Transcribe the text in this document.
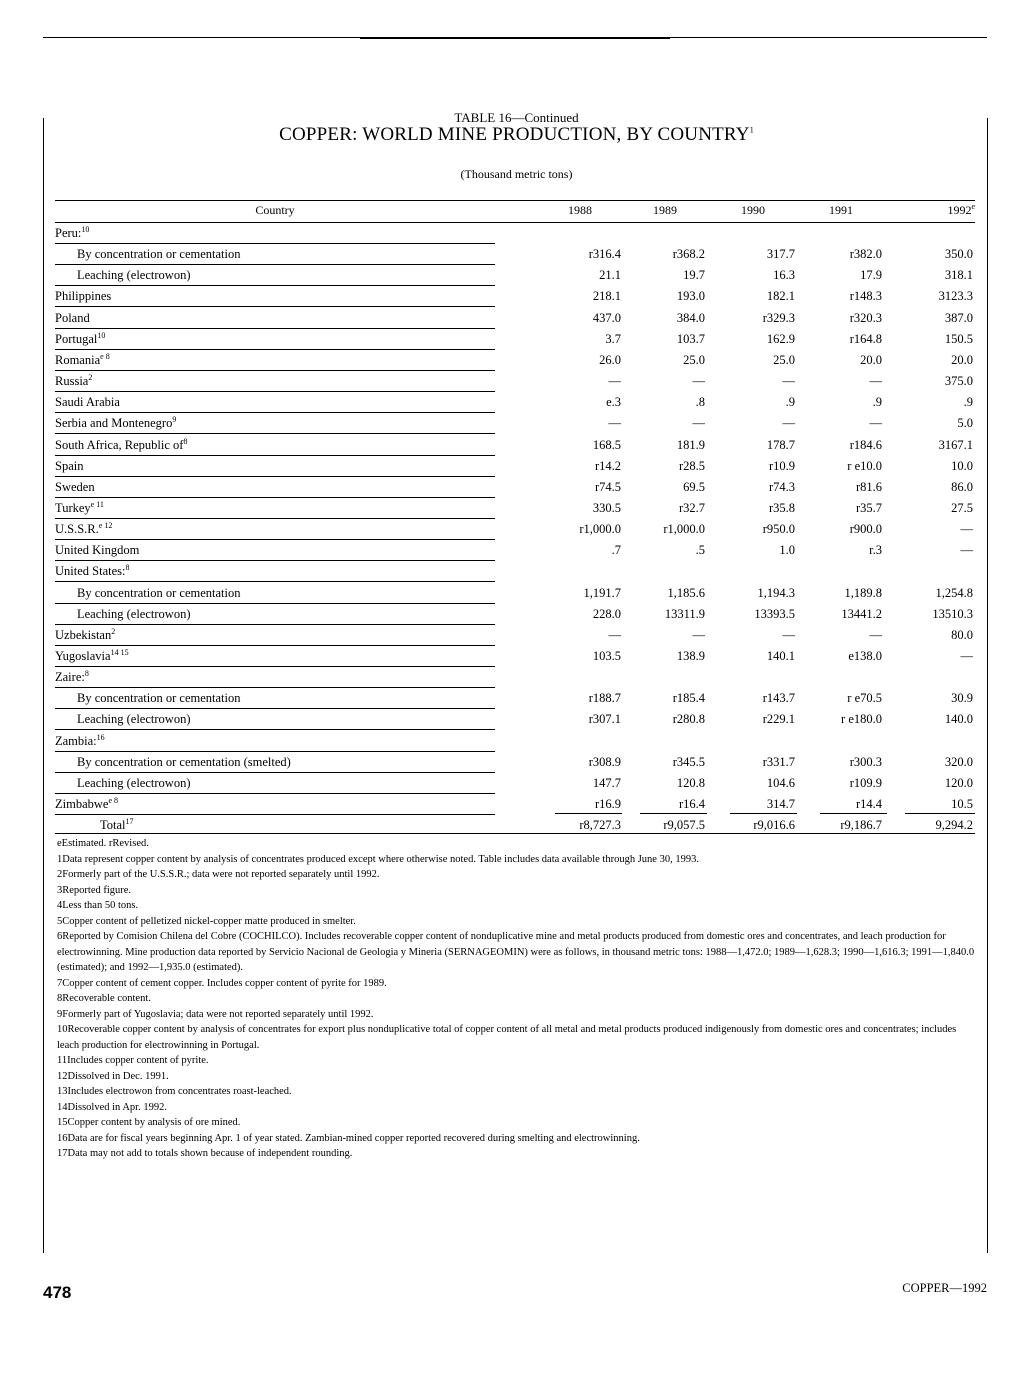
TABLE 16—Continued
COPPER: WORLD MINE PRODUCTION, BY COUNTRY$^1$
(Thousand metric tons)
Country	1988	1989	1990	1991	1992e
Peru:$^{10}$
By concentration or cementation	r316.4	r368.2	317.7	r382.0	350.0
Leaching (electrowon)	21.1	19.7	16.3	17.9	318.1
Philippines	218.1	193.0	182.1	r148.3	3123.3
Poland	437.0	384.0	r329.3	r320.3	387.0
Portugal$^{10}$	3.7	103.7	162.9	r164.8	150.5
Romania$^{e 8}$	26.0	25.0	25.0	20.0	20.0
Russia$^2$	—	—	—	—	375.0
Saudi Arabia	e.3	.8	.9	.9	.9
Serbia and Montenegro$^9$	—	—	—	—	5.0
South Africa, Republic $of^8$	168.5	181.9	178.7	r184.6	3167.1
Spain	r14.2	r28.5	r10.9	r e10.0	10.0
Sweden	r74.5	69.5	r74.3	r81.6	86.0
Turkey$^{e 11}$	330.5	r32.7	r35.8	r35.7	27.5
U.S.S.R.$^{e 12}$	r1,000.0	r1,000.0	r950.0	r900.0	—
United Kingdom	.7	.5	1.0	r.3	—
United States:$^8$
By concentration or cementation	1,191.7	1,185.6	1,194.3	1,189.8	1,254.8
Leaching (electrowon)	228.0	13311.9	13393.5	13441.2	13510.3
Uzbekistan$^2$	—	—	—	—	80.0
Yugoslavia$^{14 15}$	103.5	138.9	140.1	e138.0	—
Zaire:$^8$
By concentration or cementation	r188.7	r185.4	r143.7	r e70.5	30.9
Leaching (electrowon)	r307.1	r280.8	r229.1	r e180.0	140.0
Zambia:$^{16}$
By concentration or cementation (smelted)	r308.9	r345.5	r331.7	r300.3	320.0
Leaching (electrowon)	147.7	120.8	104.6	r109.9	120.0
Zimbabwe$^{e 8}$	r16.9	r16.4	314.7	r14.4	10.5
Total$^{17}$	r8,727.3	r9,057.5	r9,016.6	r9,186.7	9,294.2

eEstimated. rRevised.

1Data represent copper content by analysis of concentrates produced except where otherwise noted. Table includes data available through June 30, 1993.

2Formerly part of the U.S.S.R.; data were not reported separately until 1992.

3Reported figure.

4Less than 50 tons.

5Copper content of pelletized nickel-copper matte produced in smelter.

6Reported by Comision Chilena del Cobre (COCHILCO). Includes recoverable copper content of nonduplicative mine and metal products produced from domestic ores and concentrates, and leach production for electrowinning. Mine production data reported by Servicio Nacional de Geologia y Mineria (SERNAGEOMIN) were as follows, in thousand metric tons: 1988—1,472.0; 1989—1,628.3; 1990—1,616.3; 1991—1,840.0 (estimated); and 1992—1,935.0 (estimated).

7Copper content of cement copper. Includes copper content of pyrite for 1989.

8Recoverable content.

9Formerly part of Yugoslavia; data were not reported separately until 1992.

10Recoverable copper content by analysis of concentrates for export plus nonduplicative total of copper content of all metal and metal products produced indigenously from domestic ores and concentrates; includes leach production for electrowinning in Portugal.

11Includes copper content of pyrite.

12Dissolved in Dec. 1991.

13Includes electrowon from concentrates roast-leached.

14Dissolved in Apr. 1992.

15Copper content by analysis of ore mined.

16Data are for fiscal years beginning Apr. 1 of year stated. Zambian-mined copper reported recovered during smelting and electrowinning.

17Data may not add to totals shown because of independent rounding.

478	COPPER—1992
